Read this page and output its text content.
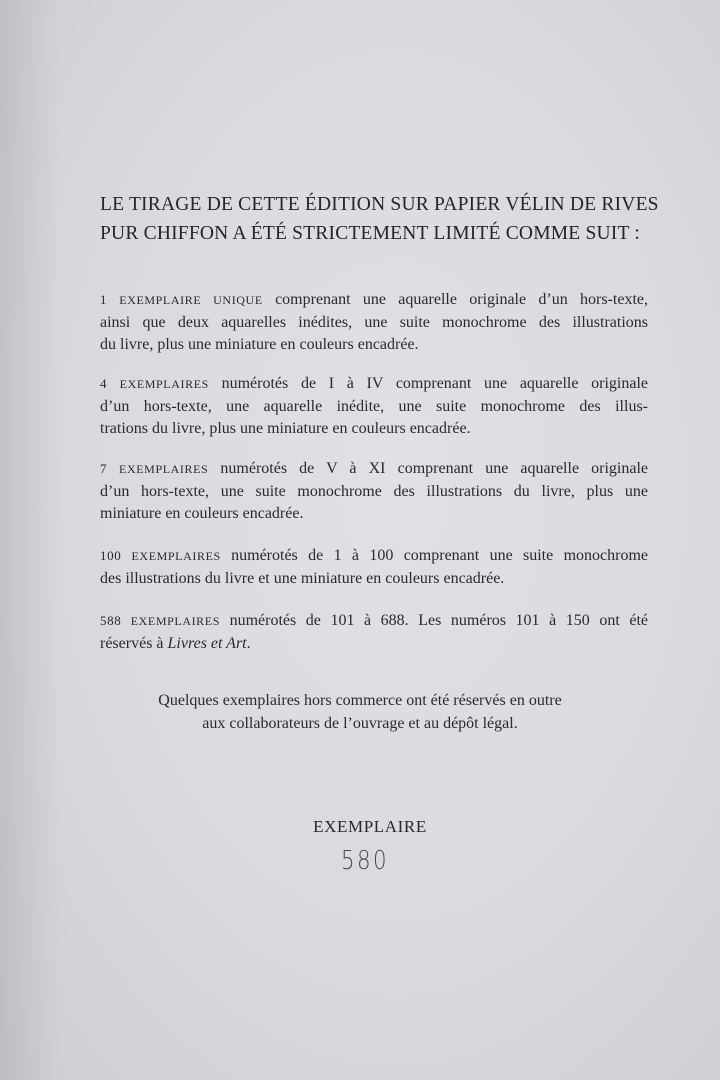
LE TIRAGE DE CETTE ÉDITION SUR PAPIER VÉLIN DE RIVES
PUR CHIFFON A ÉTÉ STRICTEMENT LIMITÉ COMME SUIT :
1 EXEMPLAIRE UNIQUE comprenant une aquarelle originale d’un hors-texte,
ainsi que deux aquarelles inédites, une suite monochrome des illustrations
du livre, plus une miniature en couleurs encadrée.
4 EXEMPLAIRES numérotés de I à IV comprenant une aquarelle originale
d’un hors-texte, une aquarelle inédite, une suite monochrome des illus-
trations du livre, plus une miniature en couleurs encadrée.
7 EXEMPLAIRES numérotés de V à XI comprenant une aquarelle originale
d’un hors-texte, une suite monochrome des illustrations du livre, plus une
miniature en couleurs encadrée.
100 EXEMPLAIRES numérotés de 1 à 100 comprenant une suite monochrome
des illustrations du livre et une miniature en couleurs encadrée.
588 EXEMPLAIRES numérotés de 101 à 688. Les numéros 101 à 150 ont été
réservés à Livres et Art.
Quelques exemplaires hors commerce ont été réservés en outre
aux collaborateurs de l’ouvrage et au dépôt légal.
EXEMPLAIRE
580
